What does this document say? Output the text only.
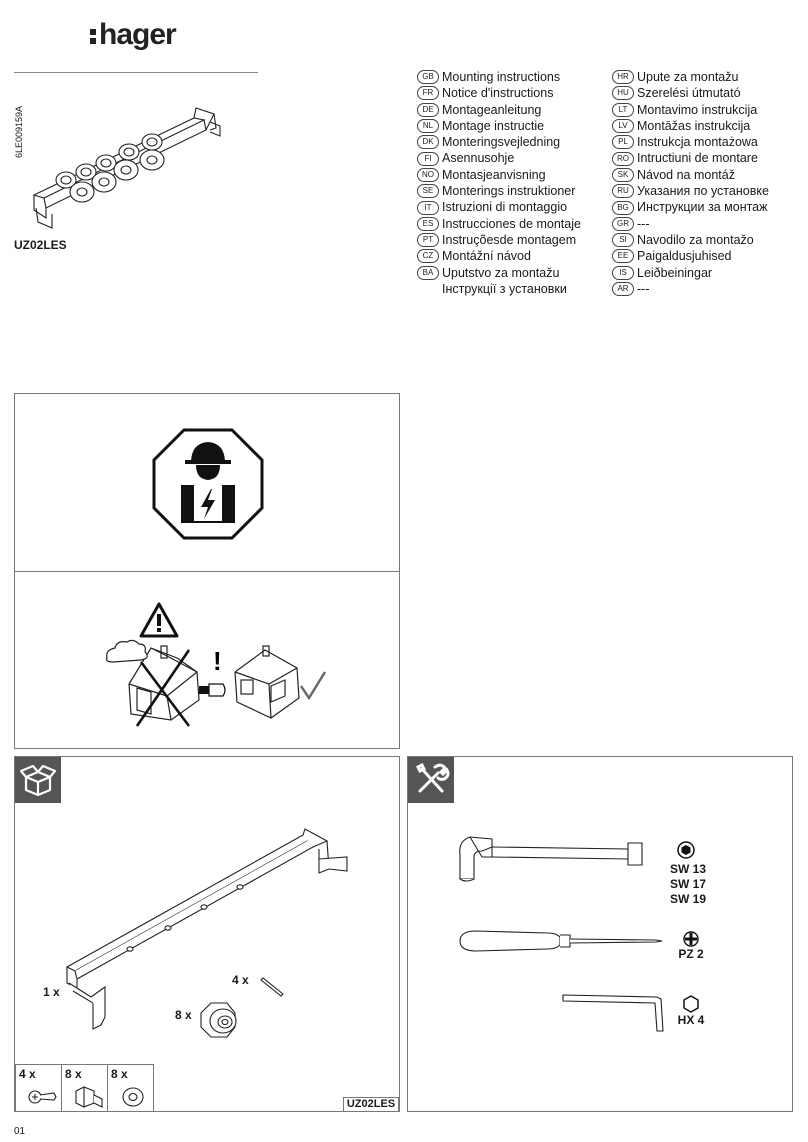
hager
6LE009159A
UZ02LES
GB Mounting instructions
FR Notice d'instructions
DE Montageanleitung
NL Montage instructie
DK Monteringsvejledning
FI Asennusohje
NO Montasjeanvisning
SE Monterings instruktioner
IT Istruzioni di montaggio
ES Instrucciones de montaje
PT Instruçõesde montagem
CZ Montážní návod
BA Uputstvo za montažu
Інструкції з установки
HR Upute za montažu
HU Szerelési útmutató
LT Montavimo instrukcija
LV Montāžas instrukcija
PL Instrukcja montażowa
RO Intructiuni de montare
SK Návod na montáž
RU Указания по установке
BG Инструкции за монтаж
GR ---
SI Navodilo za montažo
EE Paigaldusjuhised
IS Leiðbeiningar
AR ---
!
1 x
4 x
8 x
4 x 8 x 8 x
UZ02LES
SW 13
SW 17
SW 19
PZ 2
HX 4
01
